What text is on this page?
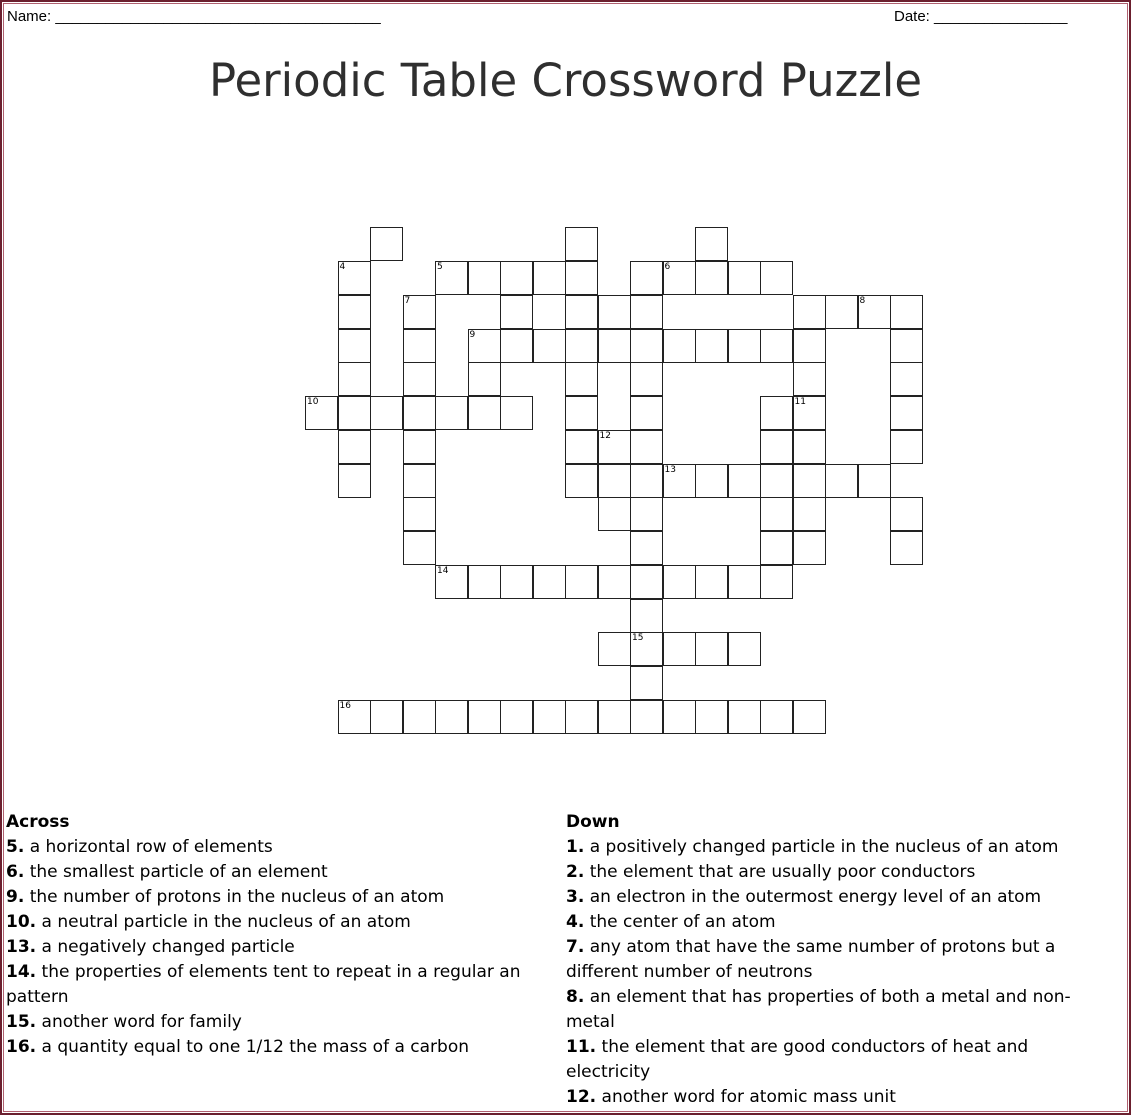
Name: _______________________________________	Date: ________________
Periodic Table Crossword Puzzle
4	5	6
7	8
9
10	11
12
13
14
15
16
Across
5. a horizontal row of elements
6. the smallest particle of an element
9. the number of protons in the nucleus of an atom
10. a neutral particle in the nucleus of an atom
13. a negatively changed particle
14. the properties of elements tent to repeat in a regular an pattern
15. another word for family
16. a quantity equal to one 1/12 the mass of a carbon
Down
1. a positively changed particle in the nucleus of an atom
2. the element that are usually poor conductors
3. an electron in the outermost energy level of an atom
4. the center of an atom
7. any atom that have the same number of protons but a different number of neutrons
8. an element that has properties of both a metal and non-metal
11. the element that are good conductors of heat and electricity
12. another word for atomic mass unit
